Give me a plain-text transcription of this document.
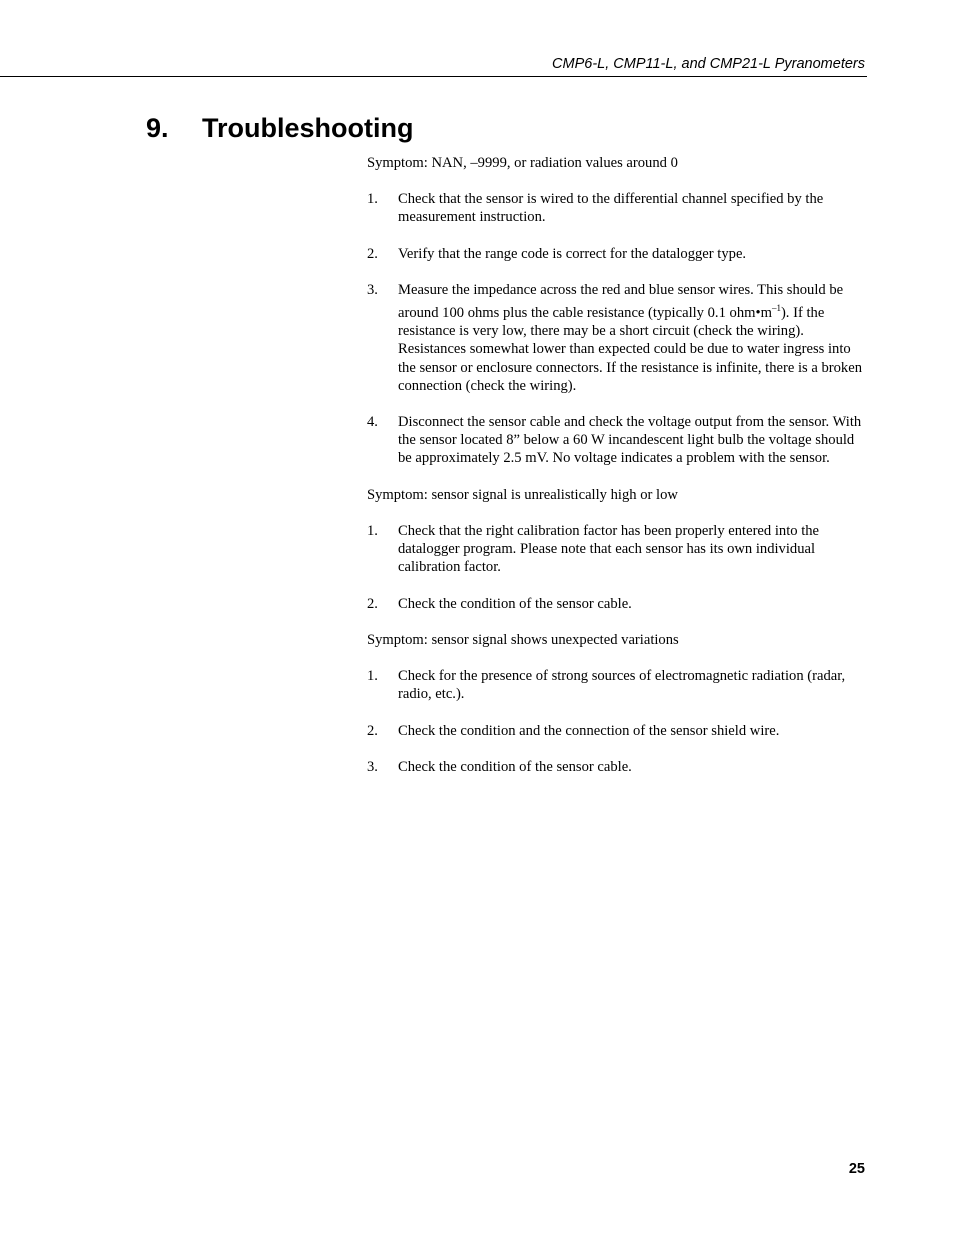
CMP6-L, CMP11-L, and CMP21-L Pyranometers
9. Troubleshooting

Symptom: NAN, –9999, or radiation values around 0

1.	Check that the sensor is wired to the differential channel specified by the measurement instruction.
2.	Verify that the range code is correct for the datalogger type.
3.	Measure the impedance across the red and blue sensor wires. This should be around 100 ohms plus the cable resistance (typically 0.1 $ohm•m^{-1}$). If the resistance is very low, there may be a short circuit (check the wiring). Resistances somewhat lower than expected could be due to water ingress into the sensor or enclosure connectors. If the resistance is infinite, there is a broken connection (check the wiring).
4.	Disconnect the sensor cable and check the voltage output from the sensor. With the sensor located 8” below a 60 W incandescent light bulb the voltage should be approximately 2.5 mV. No voltage indicates a problem with the sensor.

Symptom: sensor signal is unrealistically high or low

1.	Check that the right calibration factor has been properly entered into the datalogger program. Please note that each sensor has its own individual calibration factor.
2.	Check the condition of the sensor cable.

Symptom: sensor signal shows unexpected variations

1.	Check for the presence of strong sources of electromagnetic radiation (radar, radio, etc.).
2.	Check the condition and the connection of the sensor shield wire.
3.	Check the condition of the sensor cable.
25
